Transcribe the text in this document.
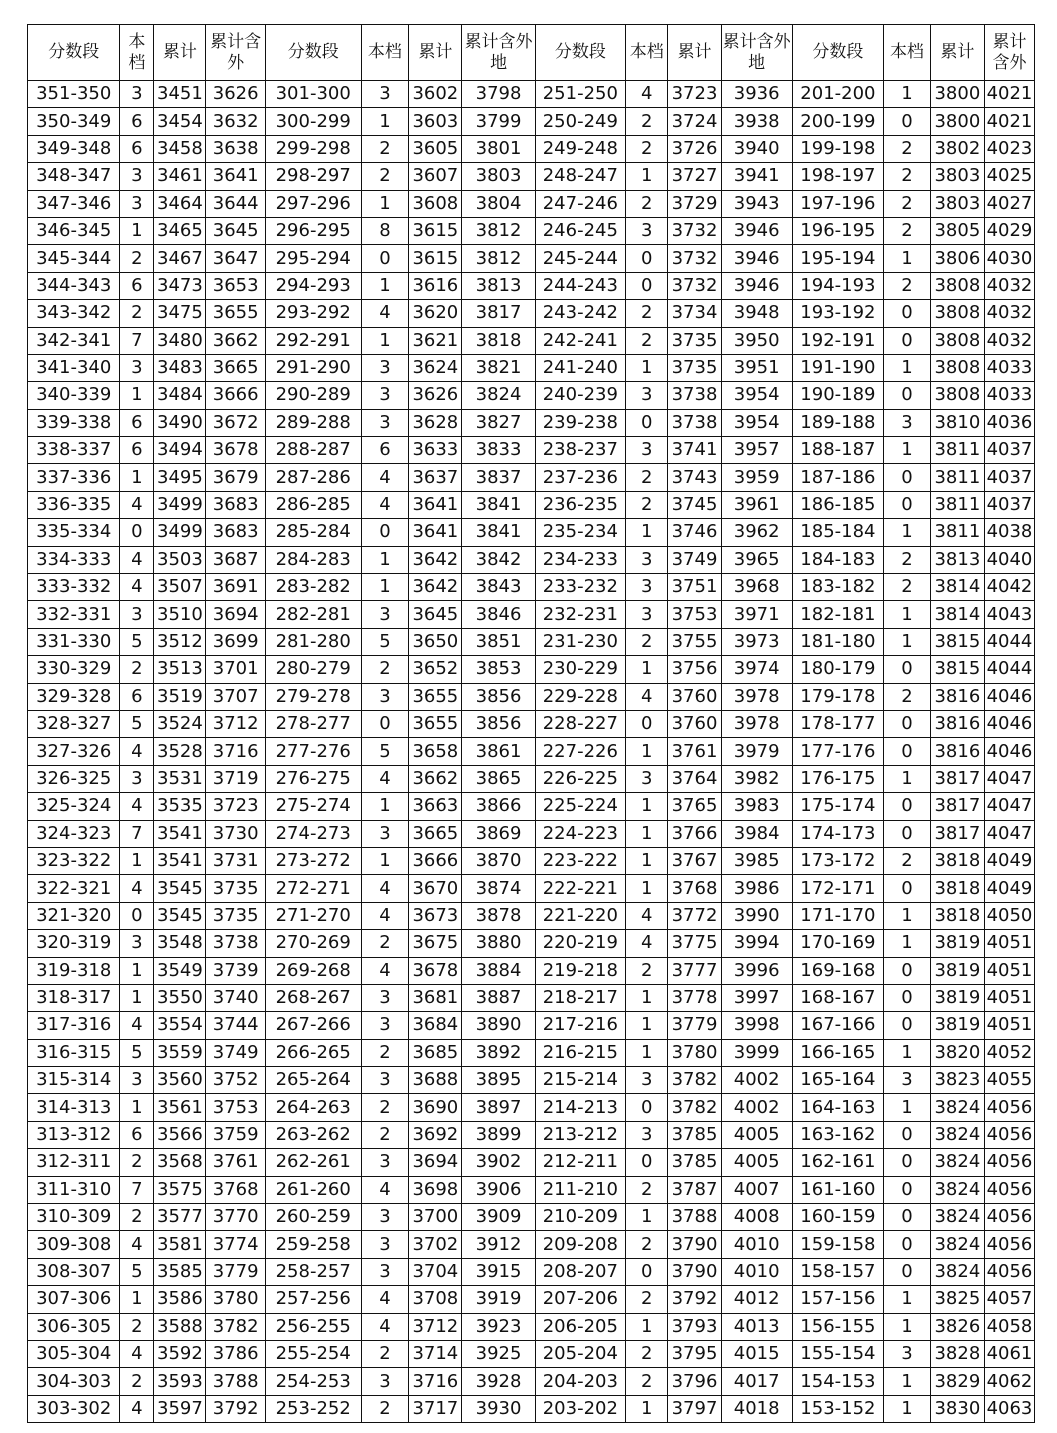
分数段	本档	累计	累计含外	分数段	本档	累计	累计含外地	分数段	本档	累计	累计含外地	分数段	本档	累计	累计含外
351-350	3	3451	3626	301-300	3	3602	3798	251-250	4	3723	3936	201-200	1	3800	4021
350-349	6	3454	3632	300-299	1	3603	3799	250-249	2	3724	3938	200-199	0	3800	4021
349-348	6	3458	3638	299-298	2	3605	3801	249-248	2	3726	3940	199-198	2	3802	4023
348-347	3	3461	3641	298-297	2	3607	3803	248-247	1	3727	3941	198-197	2	3803	4025
347-346	3	3464	3644	297-296	1	3608	3804	247-246	2	3729	3943	197-196	2	3803	4027
346-345	1	3465	3645	296-295	8	3615	3812	246-245	3	3732	3946	196-195	2	3805	4029
345-344	2	3467	3647	295-294	0	3615	3812	245-244	0	3732	3946	195-194	1	3806	4030
344-343	6	3473	3653	294-293	1	3616	3813	244-243	0	3732	3946	194-193	2	3808	4032
343-342	2	3475	3655	293-292	4	3620	3817	243-242	2	3734	3948	193-192	0	3808	4032
342-341	7	3480	3662	292-291	1	3621	3818	242-241	2	3735	3950	192-191	0	3808	4032
341-340	3	3483	3665	291-290	3	3624	3821	241-240	1	3735	3951	191-190	1	3808	4033
340-339	1	3484	3666	290-289	3	3626	3824	240-239	3	3738	3954	190-189	0	3808	4033
339-338	6	3490	3672	289-288	3	3628	3827	239-238	0	3738	3954	189-188	3	3810	4036
338-337	6	3494	3678	288-287	6	3633	3833	238-237	3	3741	3957	188-187	1	3811	4037
337-336	1	3495	3679	287-286	4	3637	3837	237-236	2	3743	3959	187-186	0	3811	4037
336-335	4	3499	3683	286-285	4	3641	3841	236-235	2	3745	3961	186-185	0	3811	4037
335-334	0	3499	3683	285-284	0	3641	3841	235-234	1	3746	3962	185-184	1	3811	4038
334-333	4	3503	3687	284-283	1	3642	3842	234-233	3	3749	3965	184-183	2	3813	4040
333-332	4	3507	3691	283-282	1	3642	3843	233-232	3	3751	3968	183-182	2	3814	4042
332-331	3	3510	3694	282-281	3	3645	3846	232-231	3	3753	3971	182-181	1	3814	4043
331-330	5	3512	3699	281-280	5	3650	3851	231-230	2	3755	3973	181-180	1	3815	4044
330-329	2	3513	3701	280-279	2	3652	3853	230-229	1	3756	3974	180-179	0	3815	4044
329-328	6	3519	3707	279-278	3	3655	3856	229-228	4	3760	3978	179-178	2	3816	4046
328-327	5	3524	3712	278-277	0	3655	3856	228-227	0	3760	3978	178-177	0	3816	4046
327-326	4	3528	3716	277-276	5	3658	3861	227-226	1	3761	3979	177-176	0	3816	4046
326-325	3	3531	3719	276-275	4	3662	3865	226-225	3	3764	3982	176-175	1	3817	4047
325-324	4	3535	3723	275-274	1	3663	3866	225-224	1	3765	3983	175-174	0	3817	4047
324-323	7	3541	3730	274-273	3	3665	3869	224-223	1	3766	3984	174-173	0	3817	4047
323-322	1	3541	3731	273-272	1	3666	3870	223-222	1	3767	3985	173-172	2	3818	4049
322-321	4	3545	3735	272-271	4	3670	3874	222-221	1	3768	3986	172-171	0	3818	4049
321-320	0	3545	3735	271-270	4	3673	3878	221-220	4	3772	3990	171-170	1	3818	4050
320-319	3	3548	3738	270-269	2	3675	3880	220-219	4	3775	3994	170-169	1	3819	4051
319-318	1	3549	3739	269-268	4	3678	3884	219-218	2	3777	3996	169-168	0	3819	4051
318-317	1	3550	3740	268-267	3	3681	3887	218-217	1	3778	3997	168-167	0	3819	4051
317-316	4	3554	3744	267-266	3	3684	3890	217-216	1	3779	3998	167-166	0	3819	4051
316-315	5	3559	3749	266-265	2	3685	3892	216-215	1	3780	3999	166-165	1	3820	4052
315-314	3	3560	3752	265-264	3	3688	3895	215-214	3	3782	4002	165-164	3	3823	4055
314-313	1	3561	3753	264-263	2	3690	3897	214-213	0	3782	4002	164-163	1	3824	4056
313-312	6	3566	3759	263-262	2	3692	3899	213-212	3	3785	4005	163-162	0	3824	4056
312-311	2	3568	3761	262-261	3	3694	3902	212-211	0	3785	4005	162-161	0	3824	4056
311-310	7	3575	3768	261-260	4	3698	3906	211-210	2	3787	4007	161-160	0	3824	4056
310-309	2	3577	3770	260-259	3	3700	3909	210-209	1	3788	4008	160-159	0	3824	4056
309-308	4	3581	3774	259-258	3	3702	3912	209-208	2	3790	4010	159-158	0	3824	4056
308-307	5	3585	3779	258-257	3	3704	3915	208-207	0	3790	4010	158-157	0	3824	4056
307-306	1	3586	3780	257-256	4	3708	3919	207-206	2	3792	4012	157-156	1	3825	4057
306-305	2	3588	3782	256-255	4	3712	3923	206-205	1	3793	4013	156-155	1	3826	4058
305-304	4	3592	3786	255-254	2	3714	3925	205-204	2	3795	4015	155-154	3	3828	4061
304-303	2	3593	3788	254-253	3	3716	3928	204-203	2	3796	4017	154-153	1	3829	4062
303-302	4	3597	3792	253-252	2	3717	3930	203-202	1	3797	4018	153-152	1	3830	4063
